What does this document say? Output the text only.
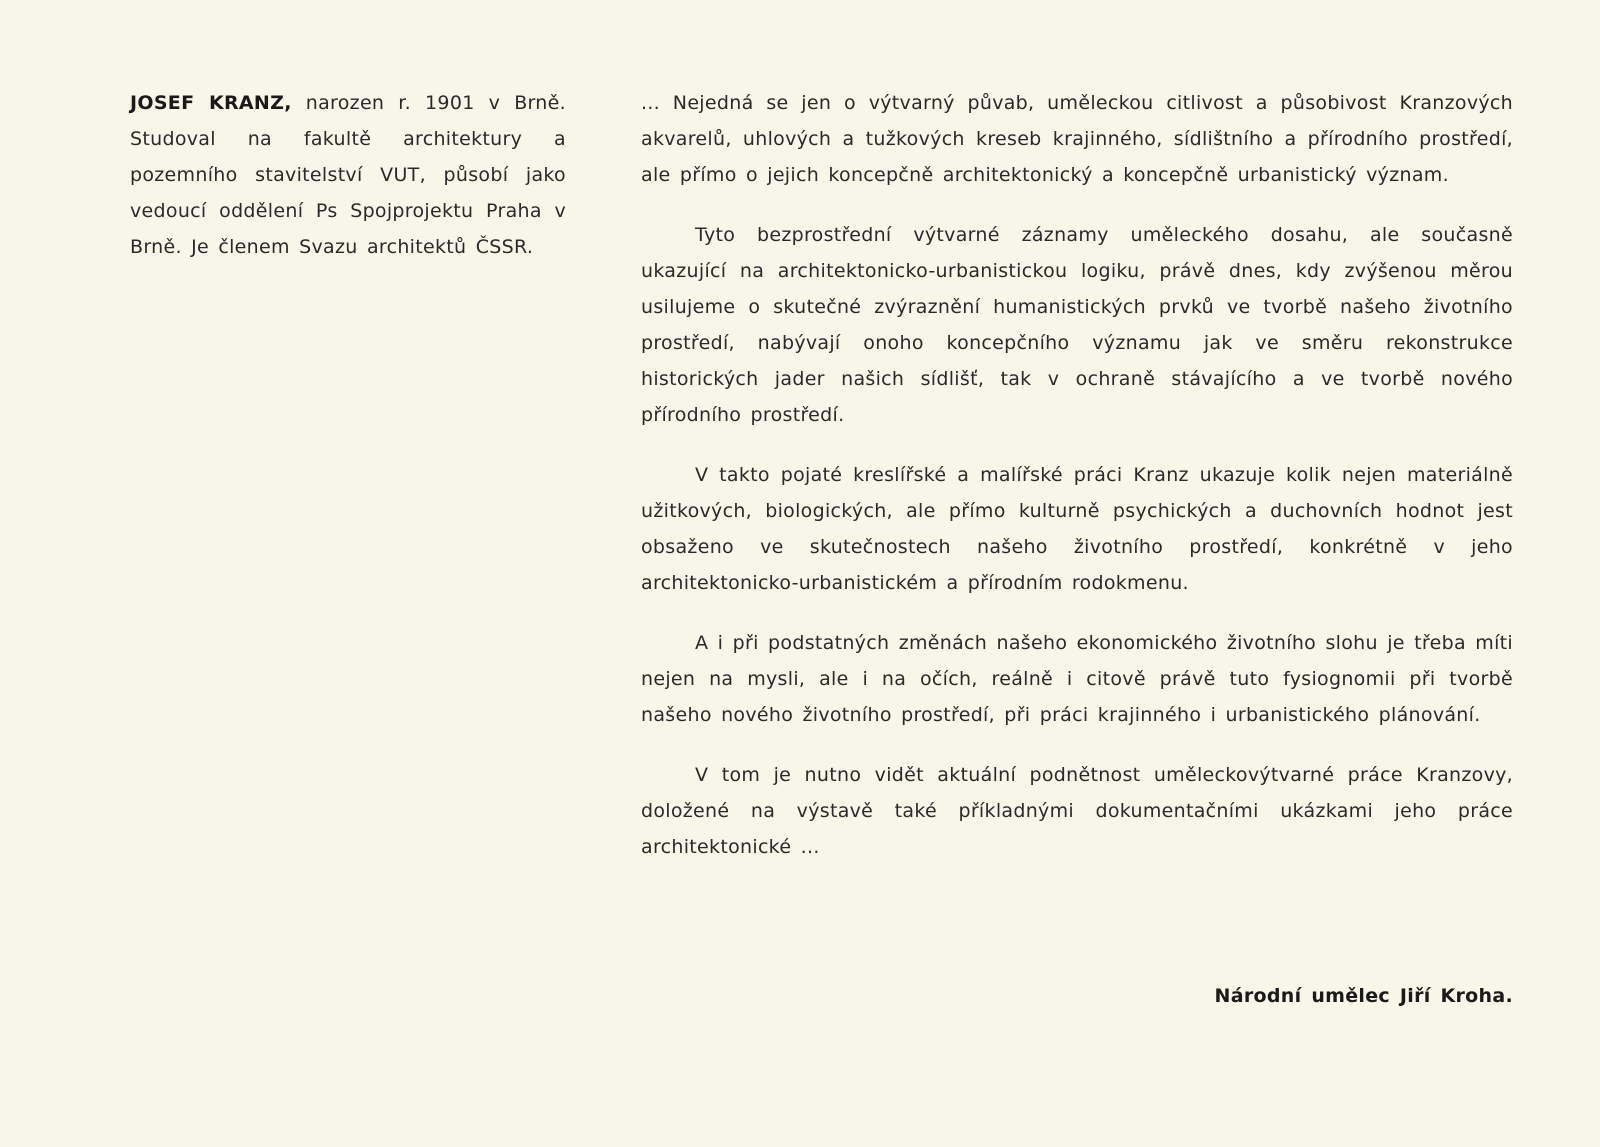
JOSEF KRANZ, narozen r. 1901 v Brně. Studoval na fakultě architektury a pozemního stavitelství VUT, působí jako vedoucí oddělení Ps Spojprojektu Praha v Brně. Je členem Svazu architektů ČSSR.

... Nejedná se jen o výtvarný půvab, uměleckou citlivost a působivost Kranzových akvarelů, uhlových a tužkových kreseb krajinného, sídlištního a přírodního prostředí, ale přímo o jejich koncepčně architektonický a koncepčně urbanistický význam.

Tyto bezprostřední výtvarné záznamy uměleckého dosahu, ale současně ukazující na architektonicko-urbanistickou logiku, právě dnes, kdy zvýšenou měrou usilujeme o skutečné zvýraznění humanistických prvků ve tvorbě našeho životního prostředí, nabývají onoho koncepčního významu jak ve směru rekonstrukce historických jader našich sídlišť, tak v ochraně stávajícího a ve tvorbě nového přírodního prostředí.

V takto pojaté kreslířské a malířské práci Kranz ukazuje kolik nejen materiálně užitkových, biologických, ale přímo kulturně psychických a duchovních hodnot jest obsaženo ve skutečnostech našeho životního prostředí, konkrétně v jeho architektonicko-urbanistickém a přírodním rodokmenu.

A i při podstatných změnách našeho ekonomického životního slohu je třeba míti nejen na mysli, ale i na očích, reálně i citově právě tuto fysiognomii při tvorbě našeho nového životního prostředí, při práci krajinného i urbanistického plánování.

V tom je nutno vidět aktuální podnětnost uměleckovýtvarné práce Kranzovy, doložené na výstavě také příkladnými dokumentačními ukázkami jeho práce architektonické ...

Národní umělec Jiří Kroha.
